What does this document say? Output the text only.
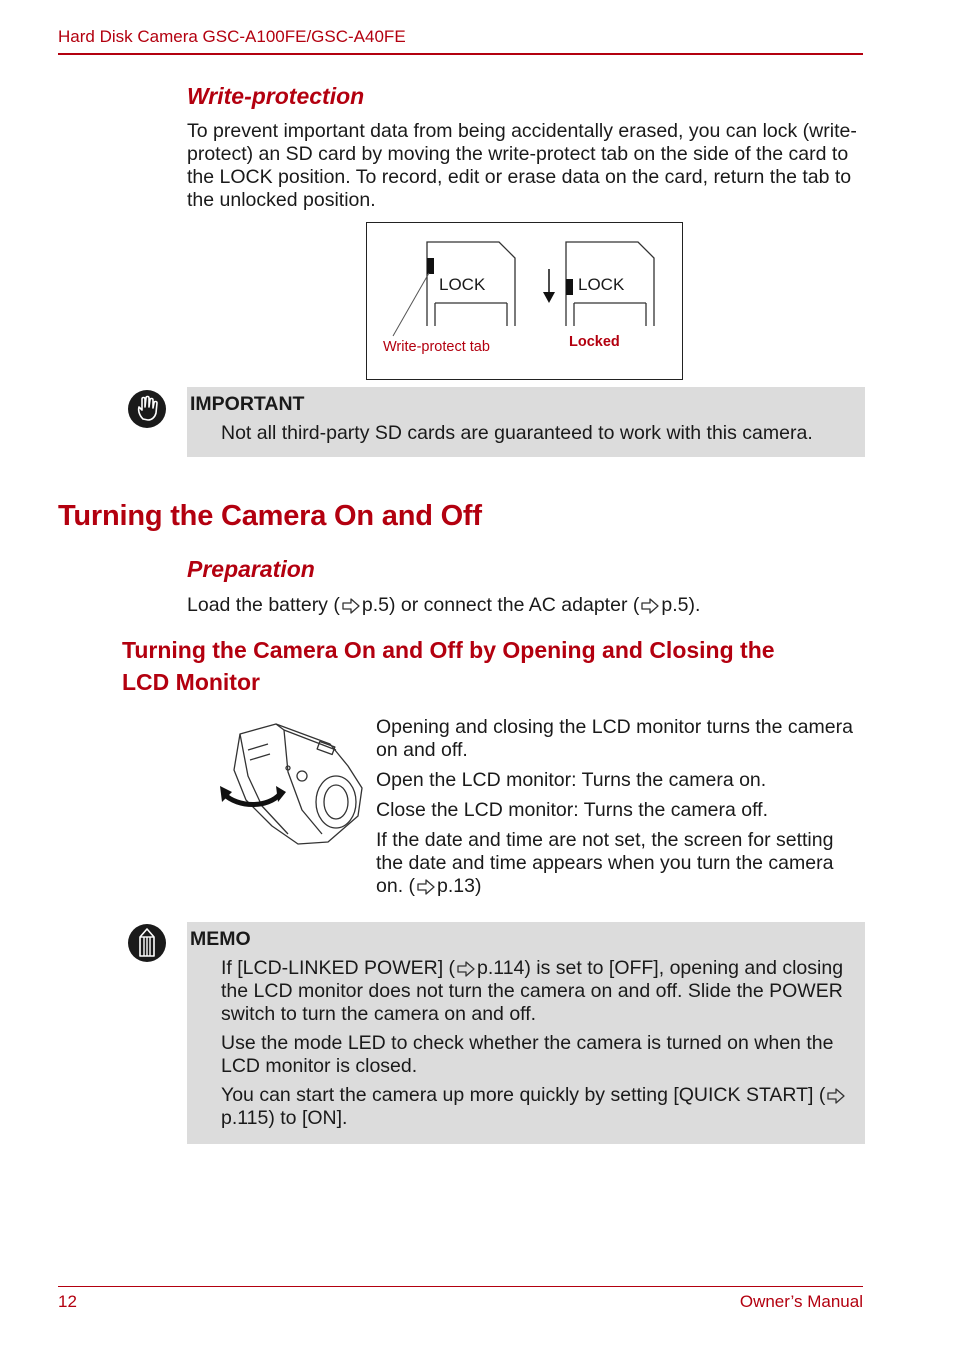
Hard Disk Camera GSC-A100FE/GSC-A40FE
Write-protection

To prevent important data from being accidentally erased, you can lock (write-protect) an SD card by moving the write-protect tab on the side of the card to the LOCK position. To record, edit or erase data on the card, return the tab to the unlocked position.

LOCK	LOCK
Write-protect tab	Locked
IMPORTANT

Not all third-party SD cards are guaranteed to work with this camera.

Turning the Camera On and Off
Preparation
Load the battery ( p.5) or connect the AC adapter ( p.5).
Turning the Camera On and Off by Opening and Closing the
LCD Monitor

Opening and closing the LCD monitor turns the camera on and off.

Open the LCD monitor: Turns the camera on.

Close the LCD monitor: Turns the camera off.

If the date and time are not set, the screen for setting the date and time appears when you turn the camera on. ( p.13)

MEMO

If [LCD-LINKED POWER] ( p.114) is set to [OFF], opening and closing the LCD monitor does not turn the camera on and off. Slide the POWER switch to turn the camera on and off.

Use the mode LED to check whether the camera is turned on when the LCD monitor is closed.

You can start the camera up more quickly by setting [QUICK START] (p.115) to [ON].

12	Owner’s Manual
